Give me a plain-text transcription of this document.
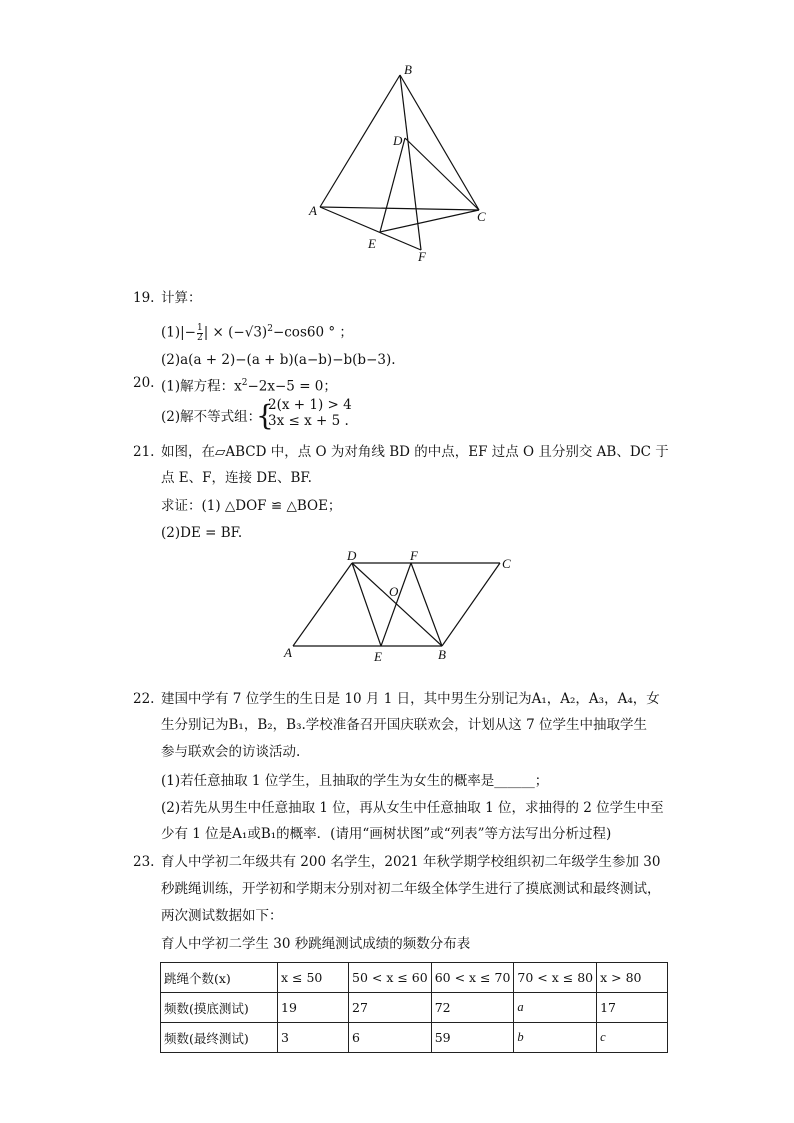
B
D
A	C
E
F
19. 计算：
$(1)|- \frac{1}{2}$ | × $(-√3)^2-\cos 60$ ° ；
(2)a(a + 2)−(a + b)(a−b)−b(b−3).
20. (1)解方程：$x^2-2x-5 = 0$；
(2)解不等式组：
{
2(x + 1) > 4
3x ≤ x + 5 .
21. 如图，在▱ABCD 中，点 O 为对角线 BD 的中点，EF 过点 O 且分别交 AB、DC 于
点 E、F，连接 DE、BF.
求证：(1) △DOF ≌ △BOE；
(2)DE = BF.
D	F
C
O
A	E	B
22. 建国中学有 7 位学生的生日是 10 月 1 日，其中男生分别记为A₁，A₂，A₃，A₄，女
生分别记为B₁，B₂，B₃.学校准备召开国庆联欢会，计划从这 7 位学生中抽取学生
参与联欢会的访谈活动.
(1)若任意抽取 1 位学生，且抽取的学生为女生的概率是______；
(2)若先从男生中任意抽取 1 位，再从女生中任意抽取 1 位，求抽得的 2 位学生中至
少有 1 位是A₁或B₁的概率．(请用“画树状图”或“列表”等方法写出分析过程)
23. 育人中学初二年级共有 200 名学生，2021 年秋学期学校组织初二年级学生参加 30
秒跳绳训练，开学初和学期末分别对初二年级全体学生进行了摸底测试和最终测试，
两次测试数据如下：
育人中学初二学生 30 秒跳绳测试成绩的频数分布表
跳绳个数(x)	x ≤ 50	50 < x ≤ 60	60 < x ≤ 70	70 < x ≤ 80	x > 80
频数(摸底测试)	19	27	72	a	17
频数(最终测试)	3	6	59	b	c
